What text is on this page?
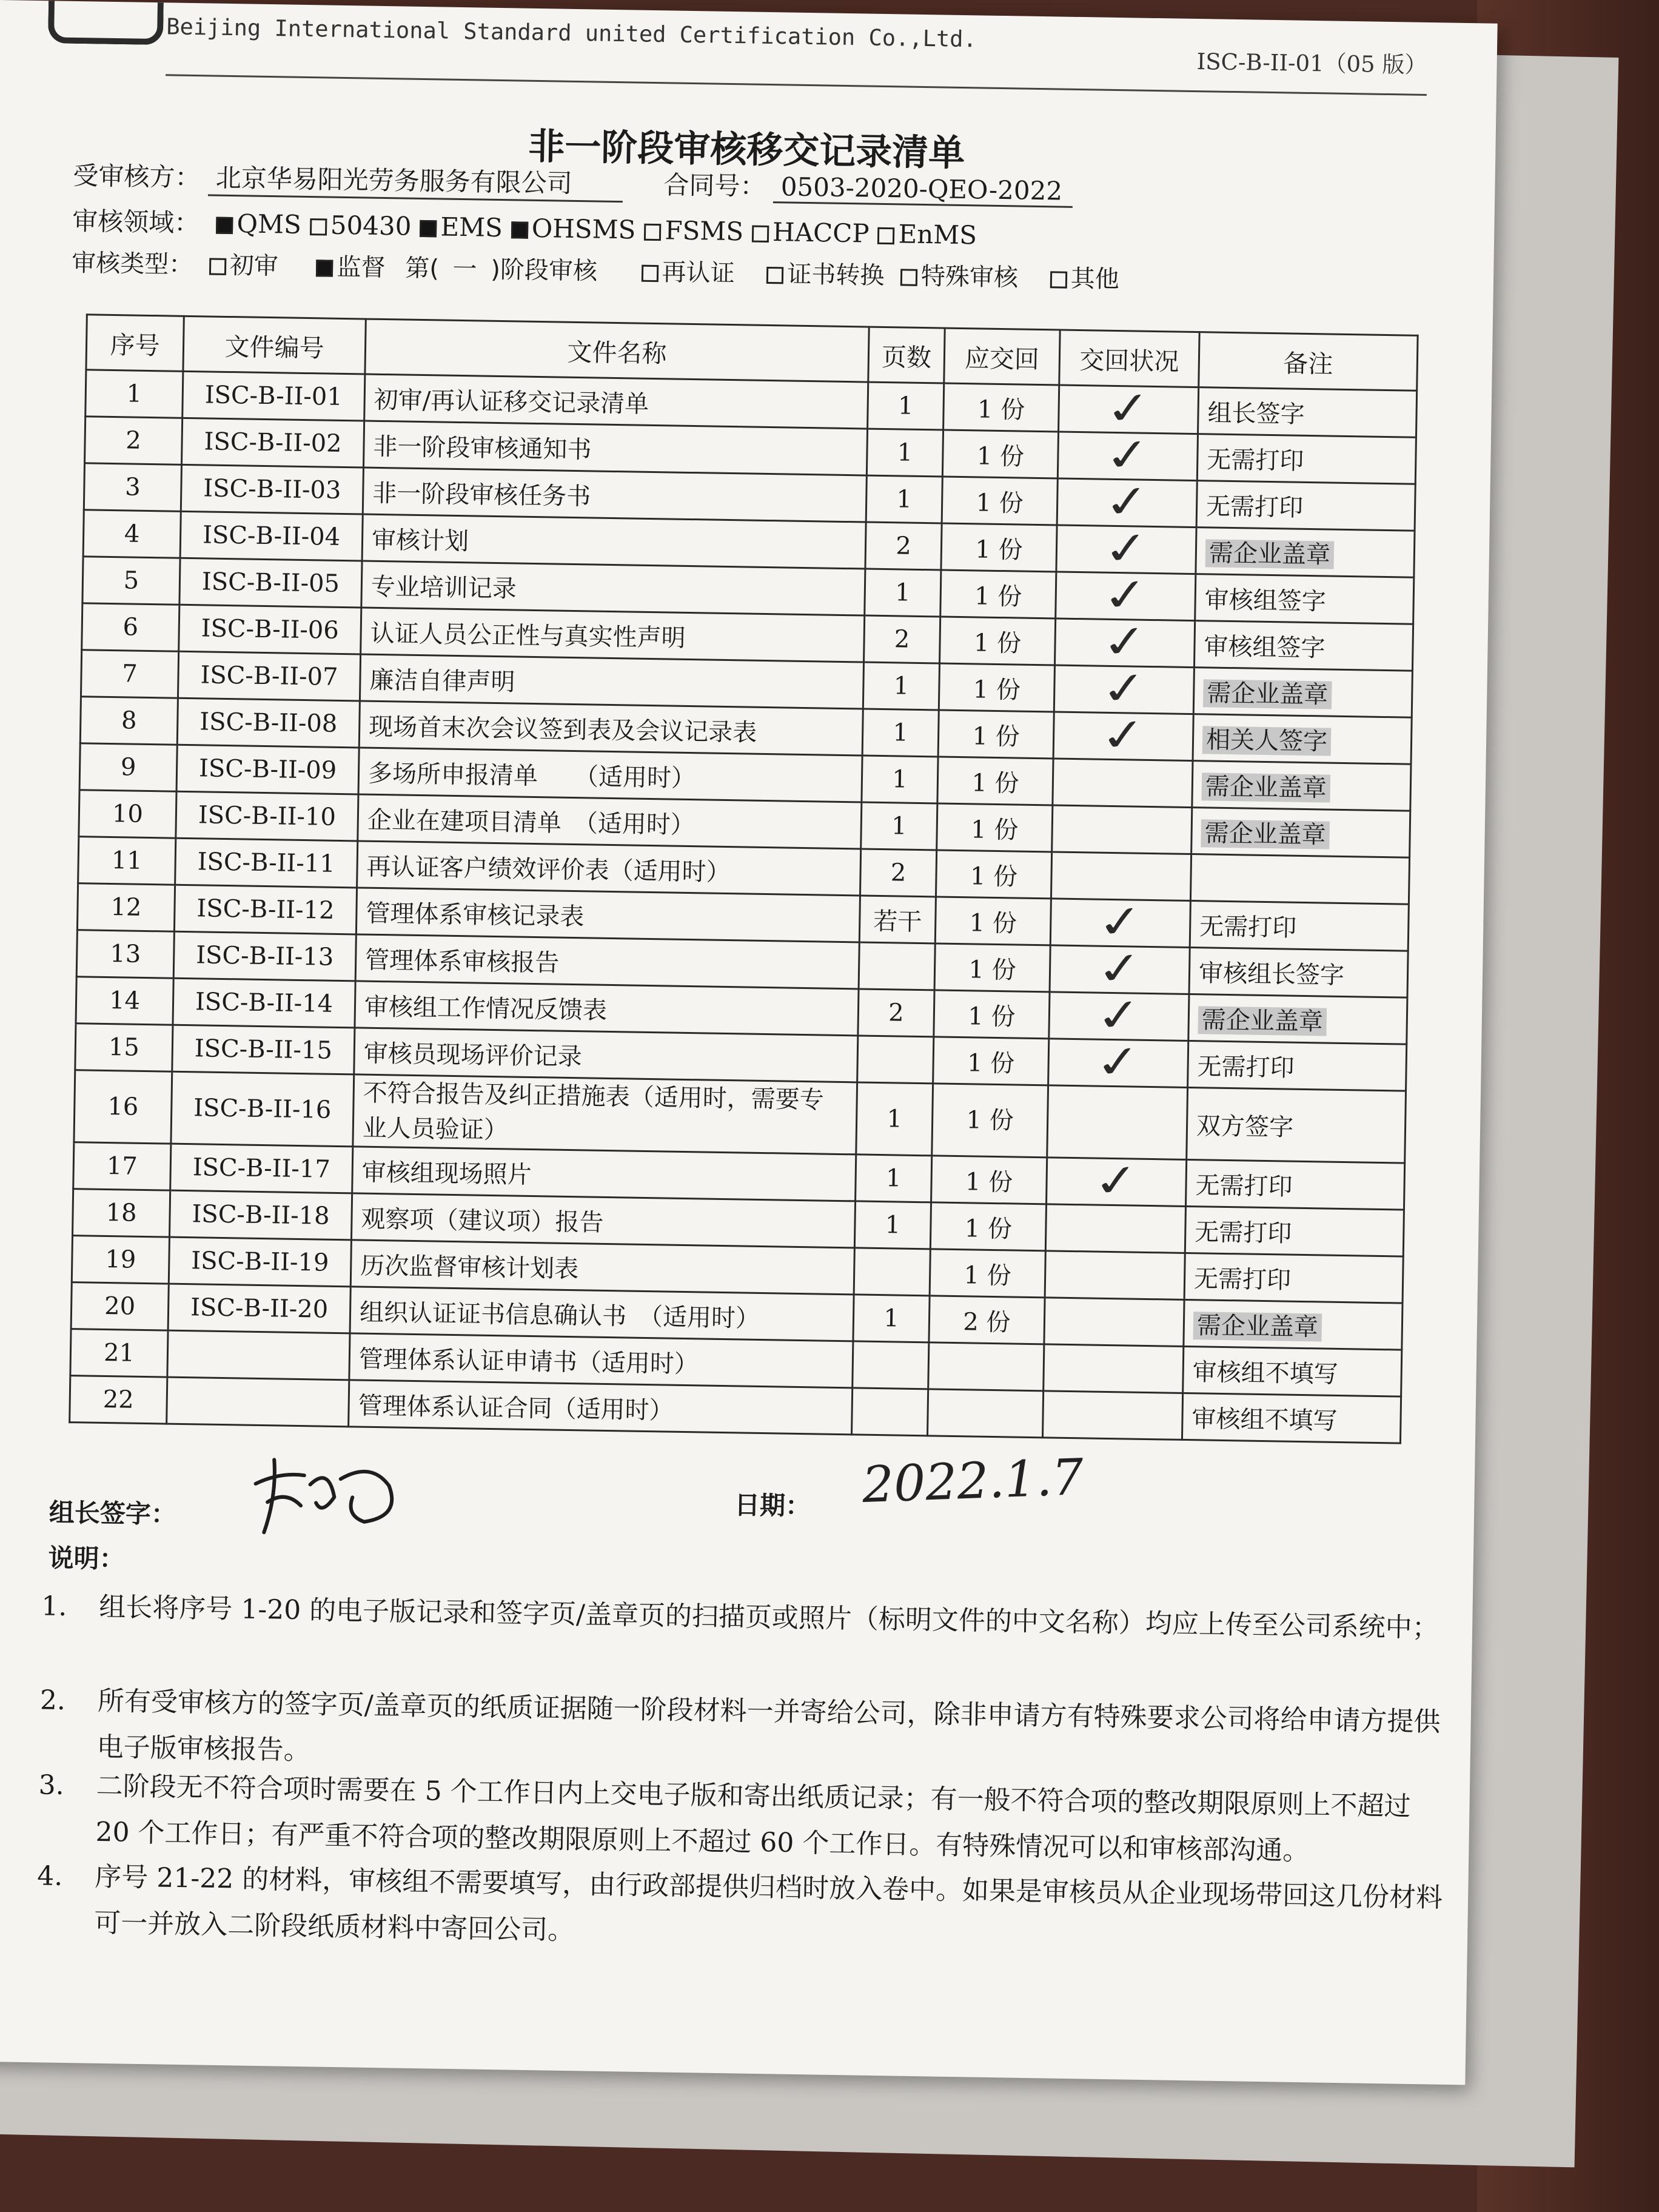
Beijing International Standard united Certification Co.,Ltd.
ISC-B-II-01（05 版）
非一阶段审核移交记录清单
受审核方： 北京华易阳光劳务服务有限公司	合同号： 0503-2020-QEO-2022
审核领域： QMS 50430 EMS OHSMS FSMS HACCP EnMS
审核类型： 初审 监督 第( 一 )阶段审核	再认证 证书转换 特殊审核 其他
序号	文件编号	文件名称	页数	应交回	交回状况	备注
1	ISC-B-II-01	初审/再认证移交记录清单	1	1 份	✓	组长签字
2	ISC-B-II-02	非一阶段审核通知书	1	1 份	✓	无需打印
3	ISC-B-II-03	非一阶段审核任务书	1	1 份	✓	无需打印
4	ISC-B-II-04	审核计划	2	1 份	✓	需企业盖章
5	ISC-B-II-05	专业培训记录	1	1 份	✓	审核组签字
6	ISC-B-II-06	认证人员公正性与真实性声明	2	1 份	✓	审核组签字
7	ISC-B-II-07	廉洁自律声明	1	1 份	✓	需企业盖章
8	ISC-B-II-08	现场首末次会议签到表及会议记录表	1	1 份	✓	相关人签字
9	ISC-B-II-09	多场所申报清单　　（适用时）	1	1 份		需企业盖章
10	ISC-B-II-10	企业在建项目清单　（适用时）	1	1 份		需企业盖章
11	ISC-B-II-11	再认证客户绩效评价表（适用时）	2	1 份		
12	ISC-B-II-12	管理体系审核记录表	若干	1 份	✓	无需打印
13	ISC-B-II-13	管理体系审核报告		1 份	✓	审核组长签字
14	ISC-B-II-14	审核组工作情况反馈表	2	1 份	✓	需企业盖章
15	ISC-B-II-15	审核员现场评价记录		1 份	✓	无需打印
16	ISC-B-II-16	不符合报告及纠正措施表（适用时，需要专业人员验证）	1	1 份		双方签字
17	ISC-B-II-17	审核组现场照片	1	1 份	✓	无需打印
18	ISC-B-II-18	观察项（建议项）报告	1	1 份		无需打印
19	ISC-B-II-19	历次监督审核计划表		1 份		无需打印
20	ISC-B-II-20	组织认证证书信息确认书　（适用时）	1	2 份		需企业盖章
21		管理体系认证申请书（适用时）				审核组不填写
22		管理体系认证合同（适用时）				审核组不填写
组长签字：	日期： 2022.1.7
说明：
1. 组长将序号 1-20 的电子版记录和签字页/盖章页的扫描页或照片（标明文件的中文名称）均应上传至公司系统中；
2. 所有受审核方的签字页/盖章页的纸质证据随一阶段材料一并寄给公司，除非申请方有特殊要求公司将给申请方提供电子版审核报告。
3. 二阶段无不符合项时需要在 5 个工作日内上交电子版和寄出纸质记录；有一般不符合项的整改期限原则上不超过 20 个工作日；有严重不符合项的整改期限原则上不超过 60 个工作日。有特殊情况可以和审核部沟通。
4. 序号 21-22 的材料，审核组不需要填写，由行政部提供归档时放入卷中。如果是审核员从企业现场带回这几份材料可一并放入二阶段纸质材料中寄回公司。
